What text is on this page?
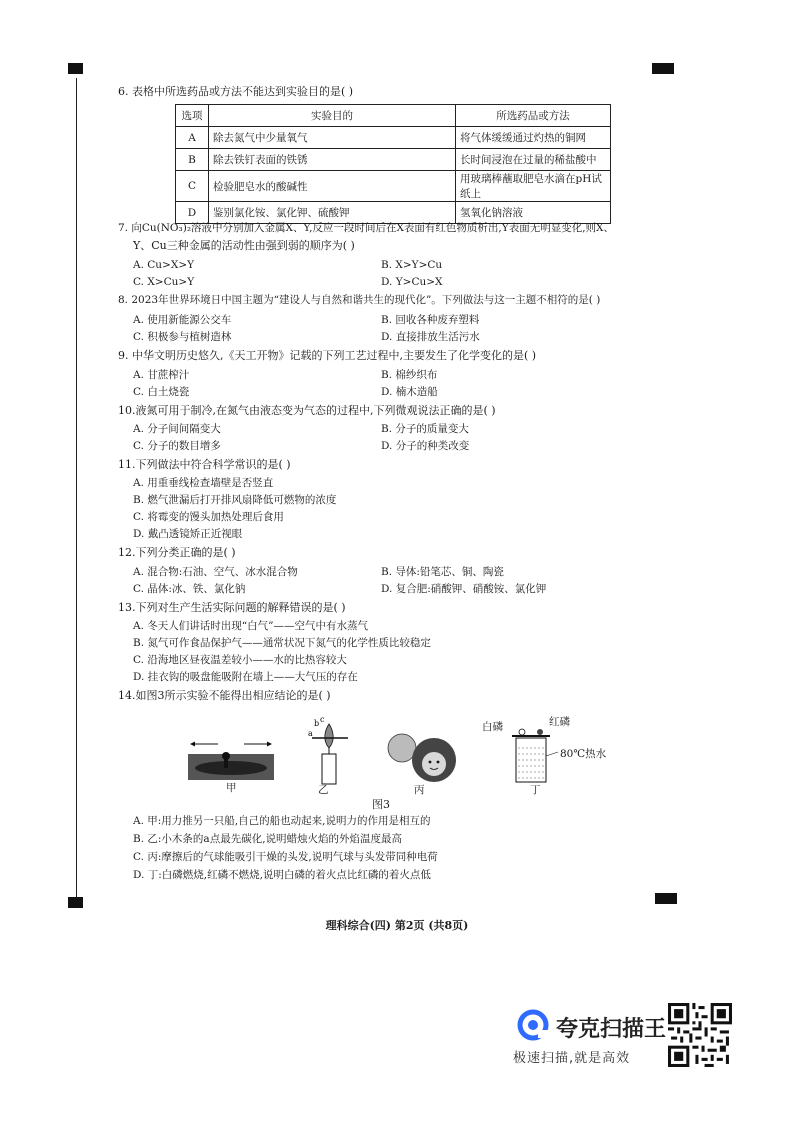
6. 表格中所选药品或方法不能达到实验目的是( )
选项	实验目的	所选药品或方法
A	除去氮气中少量氧气	将气体缓缓通过灼热的铜网
B	除去铁钉表面的铁锈	长时间浸泡在过量的稀盐酸中
C	检验肥皂水的酸碱性	用玻璃棒蘸取肥皂水滴在pH试纸上
D	鉴别氯化铵、氯化钾、硫酸钾	氢氧化钠溶液
7. 向Cu(NO₃)₂溶液中分别加入金属X、Y,反应一段时间后在X表面有红色物质析出,Y表面无明显变化,则X、
Y、Cu三种金属的活动性由强到弱的顺序为( )
A. Cu>X>Y	B. X>Y>Cu
C. X>Cu>Y	D. Y>Cu>X
8. 2023年世界环境日中国主题为“建设人与自然和谐共生的现代化”。下列做法与这一主题不相符的是( )
A. 使用新能源公交车	B. 回收各种废弃塑料
C. 积极参与植树造林	D. 直接排放生活污水
9. 中华文明历史悠久,《天工开物》记载的下列工艺过程中,主要发生了化学变化的是( )
A. 甘蔗榨汁	B. 棉纱织布
C. 白土烧瓷	D. 楠木造船
10.液氮可用于制冷,在氮气由液态变为气态的过程中,下列微观说法正确的是( )
A. 分子间间隔变大	B. 分子的质量变大
C. 分子的数目增多	D. 分子的种类改变
11.下列做法中符合科学常识的是( )
A. 用重垂线检查墙壁是否竖直
B. 燃气泄漏后打开排风扇降低可燃物的浓度
C. 将霉变的馒头加热处理后食用
D. 戴凸透镜矫正近视眼
12.下列分类正确的是( )
A. 混合物:石油、空气、冰水混合物	B. 导体:铅笔芯、铜、陶瓷
C. 晶体:冰、铁、氯化钠	D. 复合肥:硝酸钾、硝酸铵、氯化钾
13.下列对生产生活实际问题的解释错误的是( )
A. 冬天人们讲话时出现“白气”——空气中有水蒸气
B. 氮气可作食品保护气——通常状况下氮气的化学性质比较稳定
C. 沿海地区昼夜温差较小——水的比热容较大
D. 挂衣钩的吸盘能吸附在墙上——大气压的存在
14.如图3所示实验不能得出相应结论的是( )
甲
b c
a
乙	丙
白磷	红磷
80℃热水
丁
图3
A. 甲:用力推另一只船,自己的船也动起来,说明力的作用是相互的
B. 乙:小木条的a点最先碳化,说明蜡烛火焰的外焰温度最高
C. 丙:摩擦后的气球能吸引干燥的头发,说明气球与头发带同种电荷
D. 丁:白磷燃烧,红磷不燃烧,说明白磷的着火点比红磷的着火点低
理科综合(四) 第2页 (共8页)
夸克扫描王
极速扫描,就是高效
